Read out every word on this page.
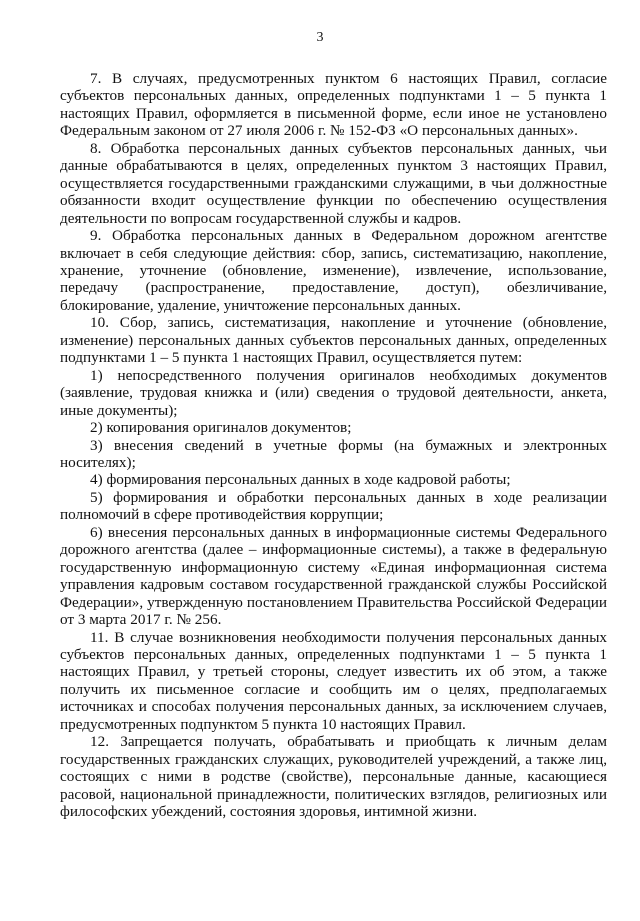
3

7. В случаях, предусмотренных пунктом 6 настоящих Правил, согласие субъектов персональных данных, определенных подпунктами 1 – 5 пункта 1 настоящих Правил, оформляется в письменной форме, если иное не установлено Федеральным законом от 27 июля 2006 г. № 152-ФЗ «О персональных данных».

8. Обработка персональных данных субъектов персональных данных, чьи данные обрабатываются в целях, определенных пунктом 3 настоящих Правил, осуществляется государственными гражданскими служащими, в чьи должностные обязанности входит осуществление функции по обеспечению осуществления деятельности по вопросам государственной службы и кадров.

9. Обработка персональных данных в Федеральном дорожном агентстве включает в себя следующие действия: сбор, запись, систематизацию, накопление, хранение, уточнение (обновление, изменение), извлечение, использование, передачу (распространение, предоставление, доступ), обезличивание, блокирование, удаление, уничтожение персональных данных.

10. Сбор, запись, систематизация, накопление и уточнение (обновление, изменение) персональных данных субъектов персональных данных, определенных подпунктами 1 – 5 пункта 1 настоящих Правил, осуществляется путем:

1) непосредственного получения оригиналов необходимых документов (заявление, трудовая книжка и (или) сведения о трудовой деятельности, анкета, иные документы);

2) копирования оригиналов документов;

3) внесения сведений в учетные формы (на бумажных и электронных носителях);

4) формирования персональных данных в ходе кадровой работы;

5) формирования и обработки персональных данных в ходе реализации полномочий в сфере противодействия коррупции;

6) внесения персональных данных в информационные системы Федерального дорожного агентства (далее – информационные системы), а также в федеральную государственную информационную систему «Единая информационная система управления кадровым составом государственной гражданской службы Российской Федерации», утвержденную постановлением Правительства Российской Федерации от 3 марта 2017 г. № 256.

11. В случае возникновения необходимости получения персональных данных субъектов персональных данных, определенных подпунктами 1 – 5 пункта 1 настоящих Правил, у третьей стороны, следует известить их об этом, а также получить их письменное согласие и сообщить им о целях, предполагаемых источниках и способах получения персональных данных, за исключением случаев, предусмотренных подпунктом 5 пункта 10 настоящих Правил.

12. Запрещается получать, обрабатывать и приобщать к личным делам государственных гражданских служащих, руководителей учреждений, а также лиц, состоящих с ними в родстве (свойстве), персональные данные, касающиеся расовой, национальной принадлежности, политических взглядов, религиозных или философских убеждений, состояния здоровья, интимной жизни.
